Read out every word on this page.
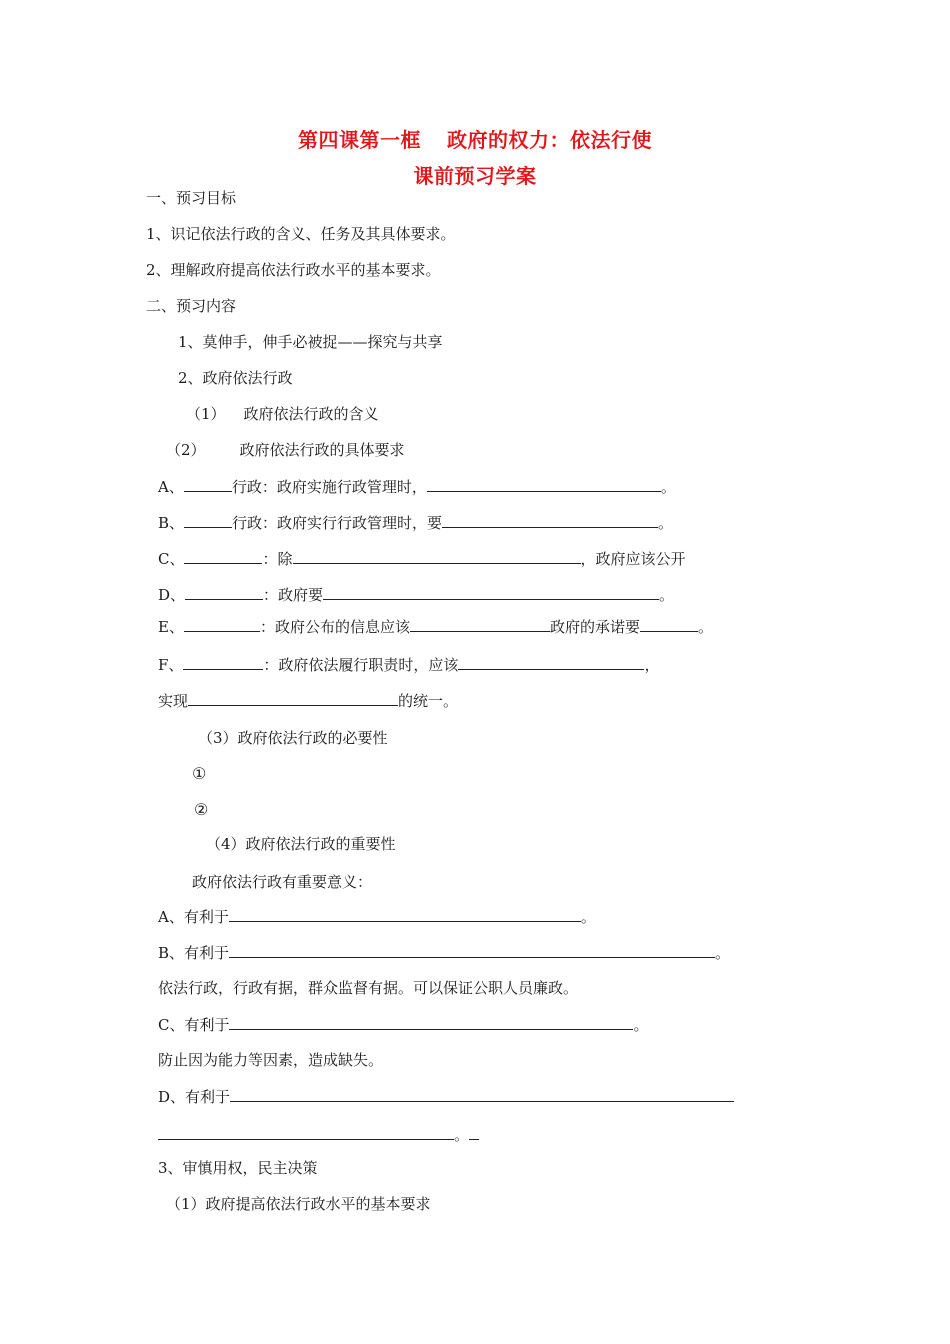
第四课第一框 政府的权力：依法行使
课前预习学案
一、预习目标
1、识记依法行政的含义、任务及其具体要求。
2、理解政府提高依法行政水平的基本要求。
二、预习内容
1、莫伸手，伸手必被捉——探究与共享
2、政府依法行政
（1） 政府依法行政的含义
（2） 政府依法行政的具体要求
A、	行政：政府实施行政管理时，	。
B、	行政：政府实行行政管理时，要	。
C、	：除	，政府应该公开
D、	：政府要	。
E、	：政府公布的信息应该	政府的承诺要	。
F、	：政府依法履行职责时，应该	，
实现	的统一。
（3）政府依法行政的必要性
①
②
（4）政府依法行政的重要性
政府依法行政有重要意义：
A、有利于	。
B、有利于	。
依法行政，行政有据，群众监督有据。可以保证公职人员廉政。
C、有利于	。
防止因为能力等因素，造成缺失。
D、有利于
。
3、审慎用权，民主决策
（1）政府提高依法行政水平的基本要求
